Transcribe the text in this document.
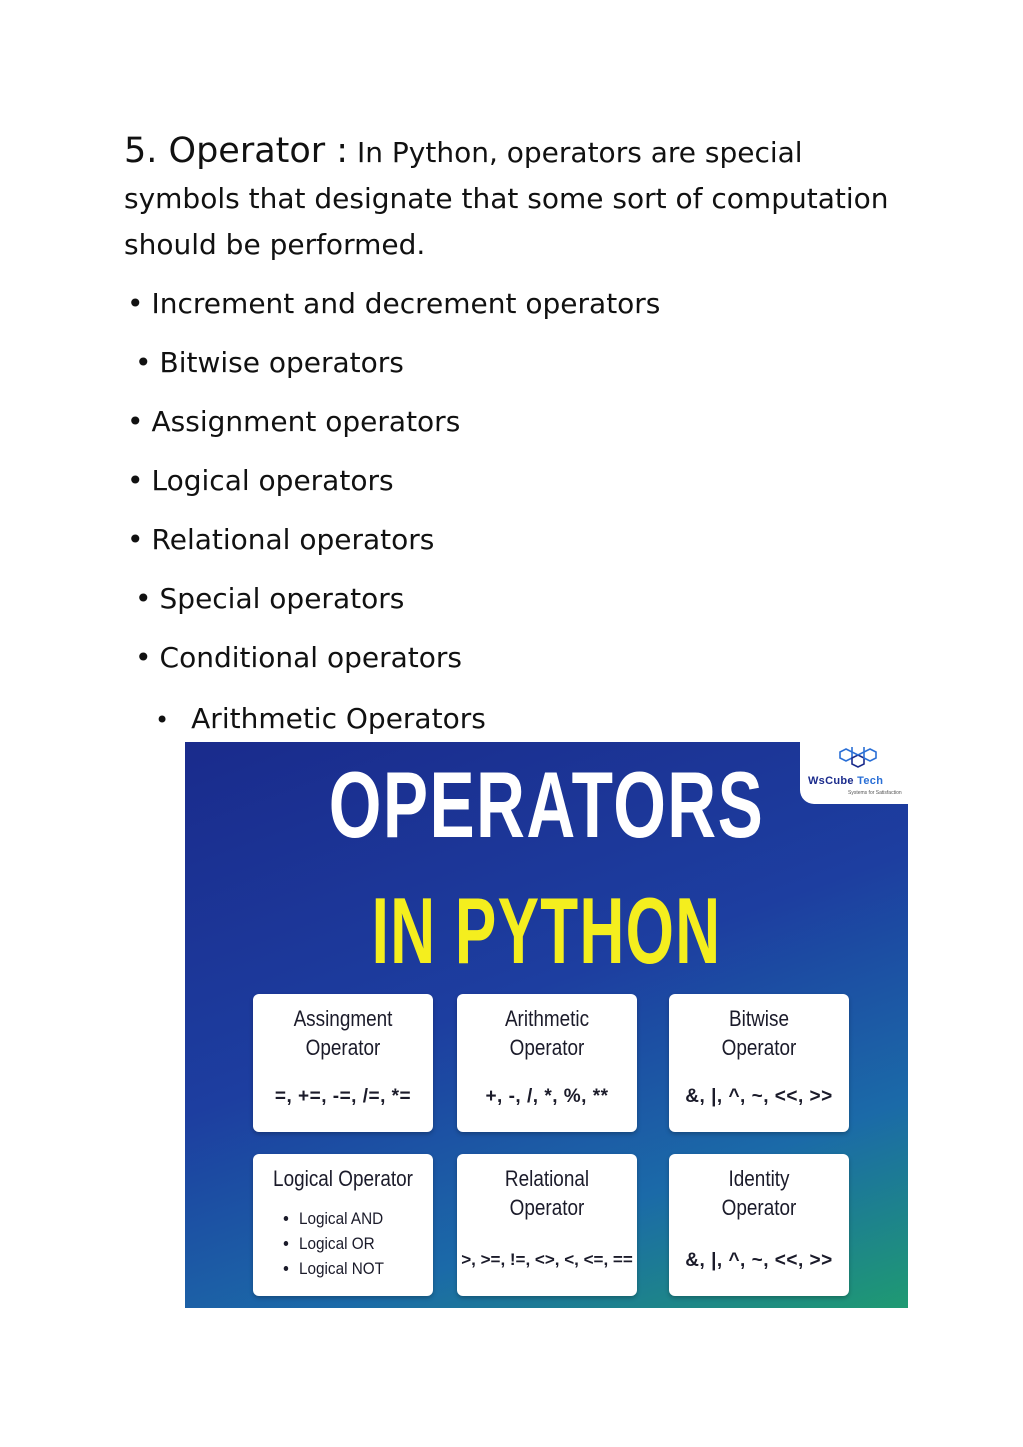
5. Operator : In Python, operators are special symbols that designate that some sort of computation should be performed.

• Increment and decrement operators
• Bitwise operators
• Assignment operators
• Logical operators
• Relational operators
• Special operators
• Conditional operators
• Arithmetic Operators
WsCube Tech
Systems for Satisfaction
OPERATORS
IN PYTHON
Assingment
Operator
=, +=, -=, /=, *=
Arithmetic
Operator
+, -, /, *, %, **
Bitwise
Operator
&, |, ^, ~, <<, >>
Logical Operator
• Logical AND
• Logical OR
• Logical NOT
Relational
Operator
>, >=, !=, <>, <, <=, ==
Identity
Operator
&, |, ^, ~, <<, >>
